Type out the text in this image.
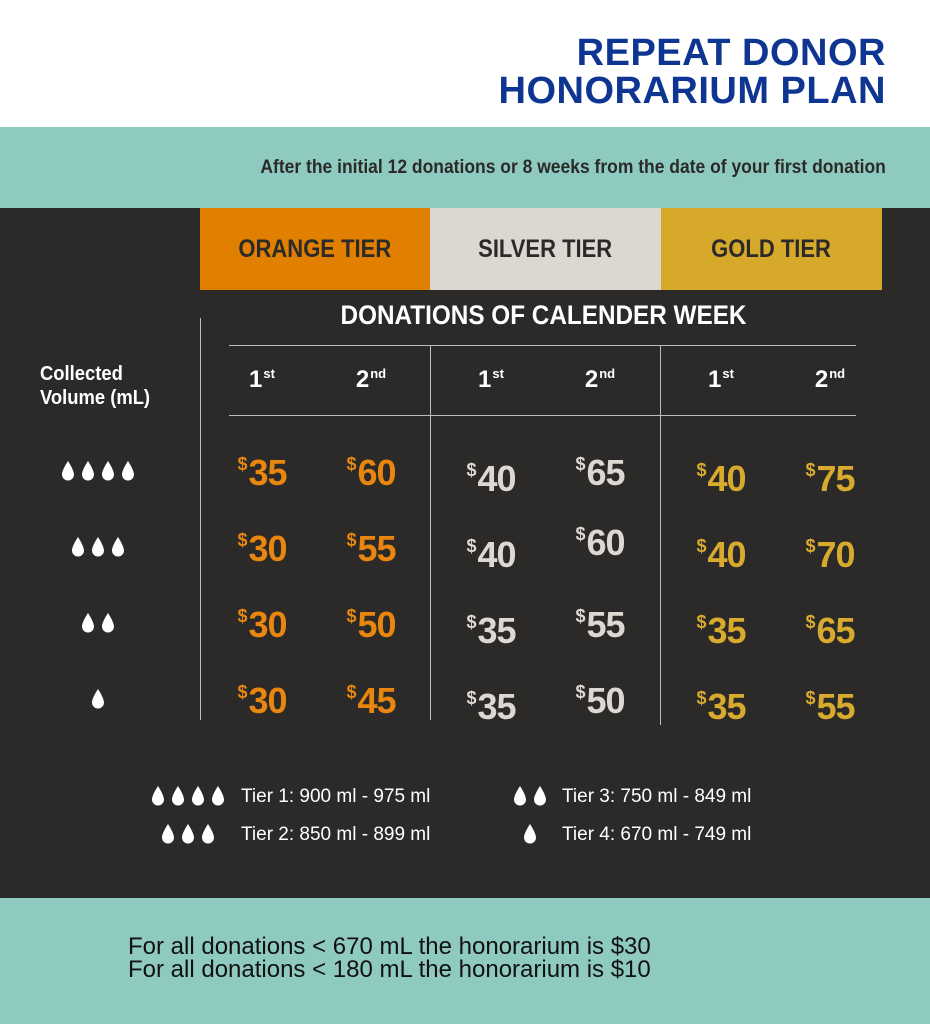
REPEAT DONOR
HONORARIUM PLAN
After the initial 12 donations or 8 weeks from the date of your first donation
ORANGE TIER	SILVER TIER	GOLD TIER
DONATIONS OF CALENDER WEEK
Collected
Volume (mL)
1st	2nd	1st	2nd	1st	2nd
$35	$60	$40	$65	$40	$75
$30	$55	$40	$60	$40	$70
$30	$50	$35	$55	$35	$65
$30	$45	$35	$50	$35	$55
Tier 1: 900 ml - 975 ml
Tier 2: 850 ml - 899 ml
Tier 3: 750 ml - 849 ml
Tier 4: 670 ml - 749 ml
For all donations < 670 mL the honorarium is $30
For all donations < 180 mL the honorarium is $10
